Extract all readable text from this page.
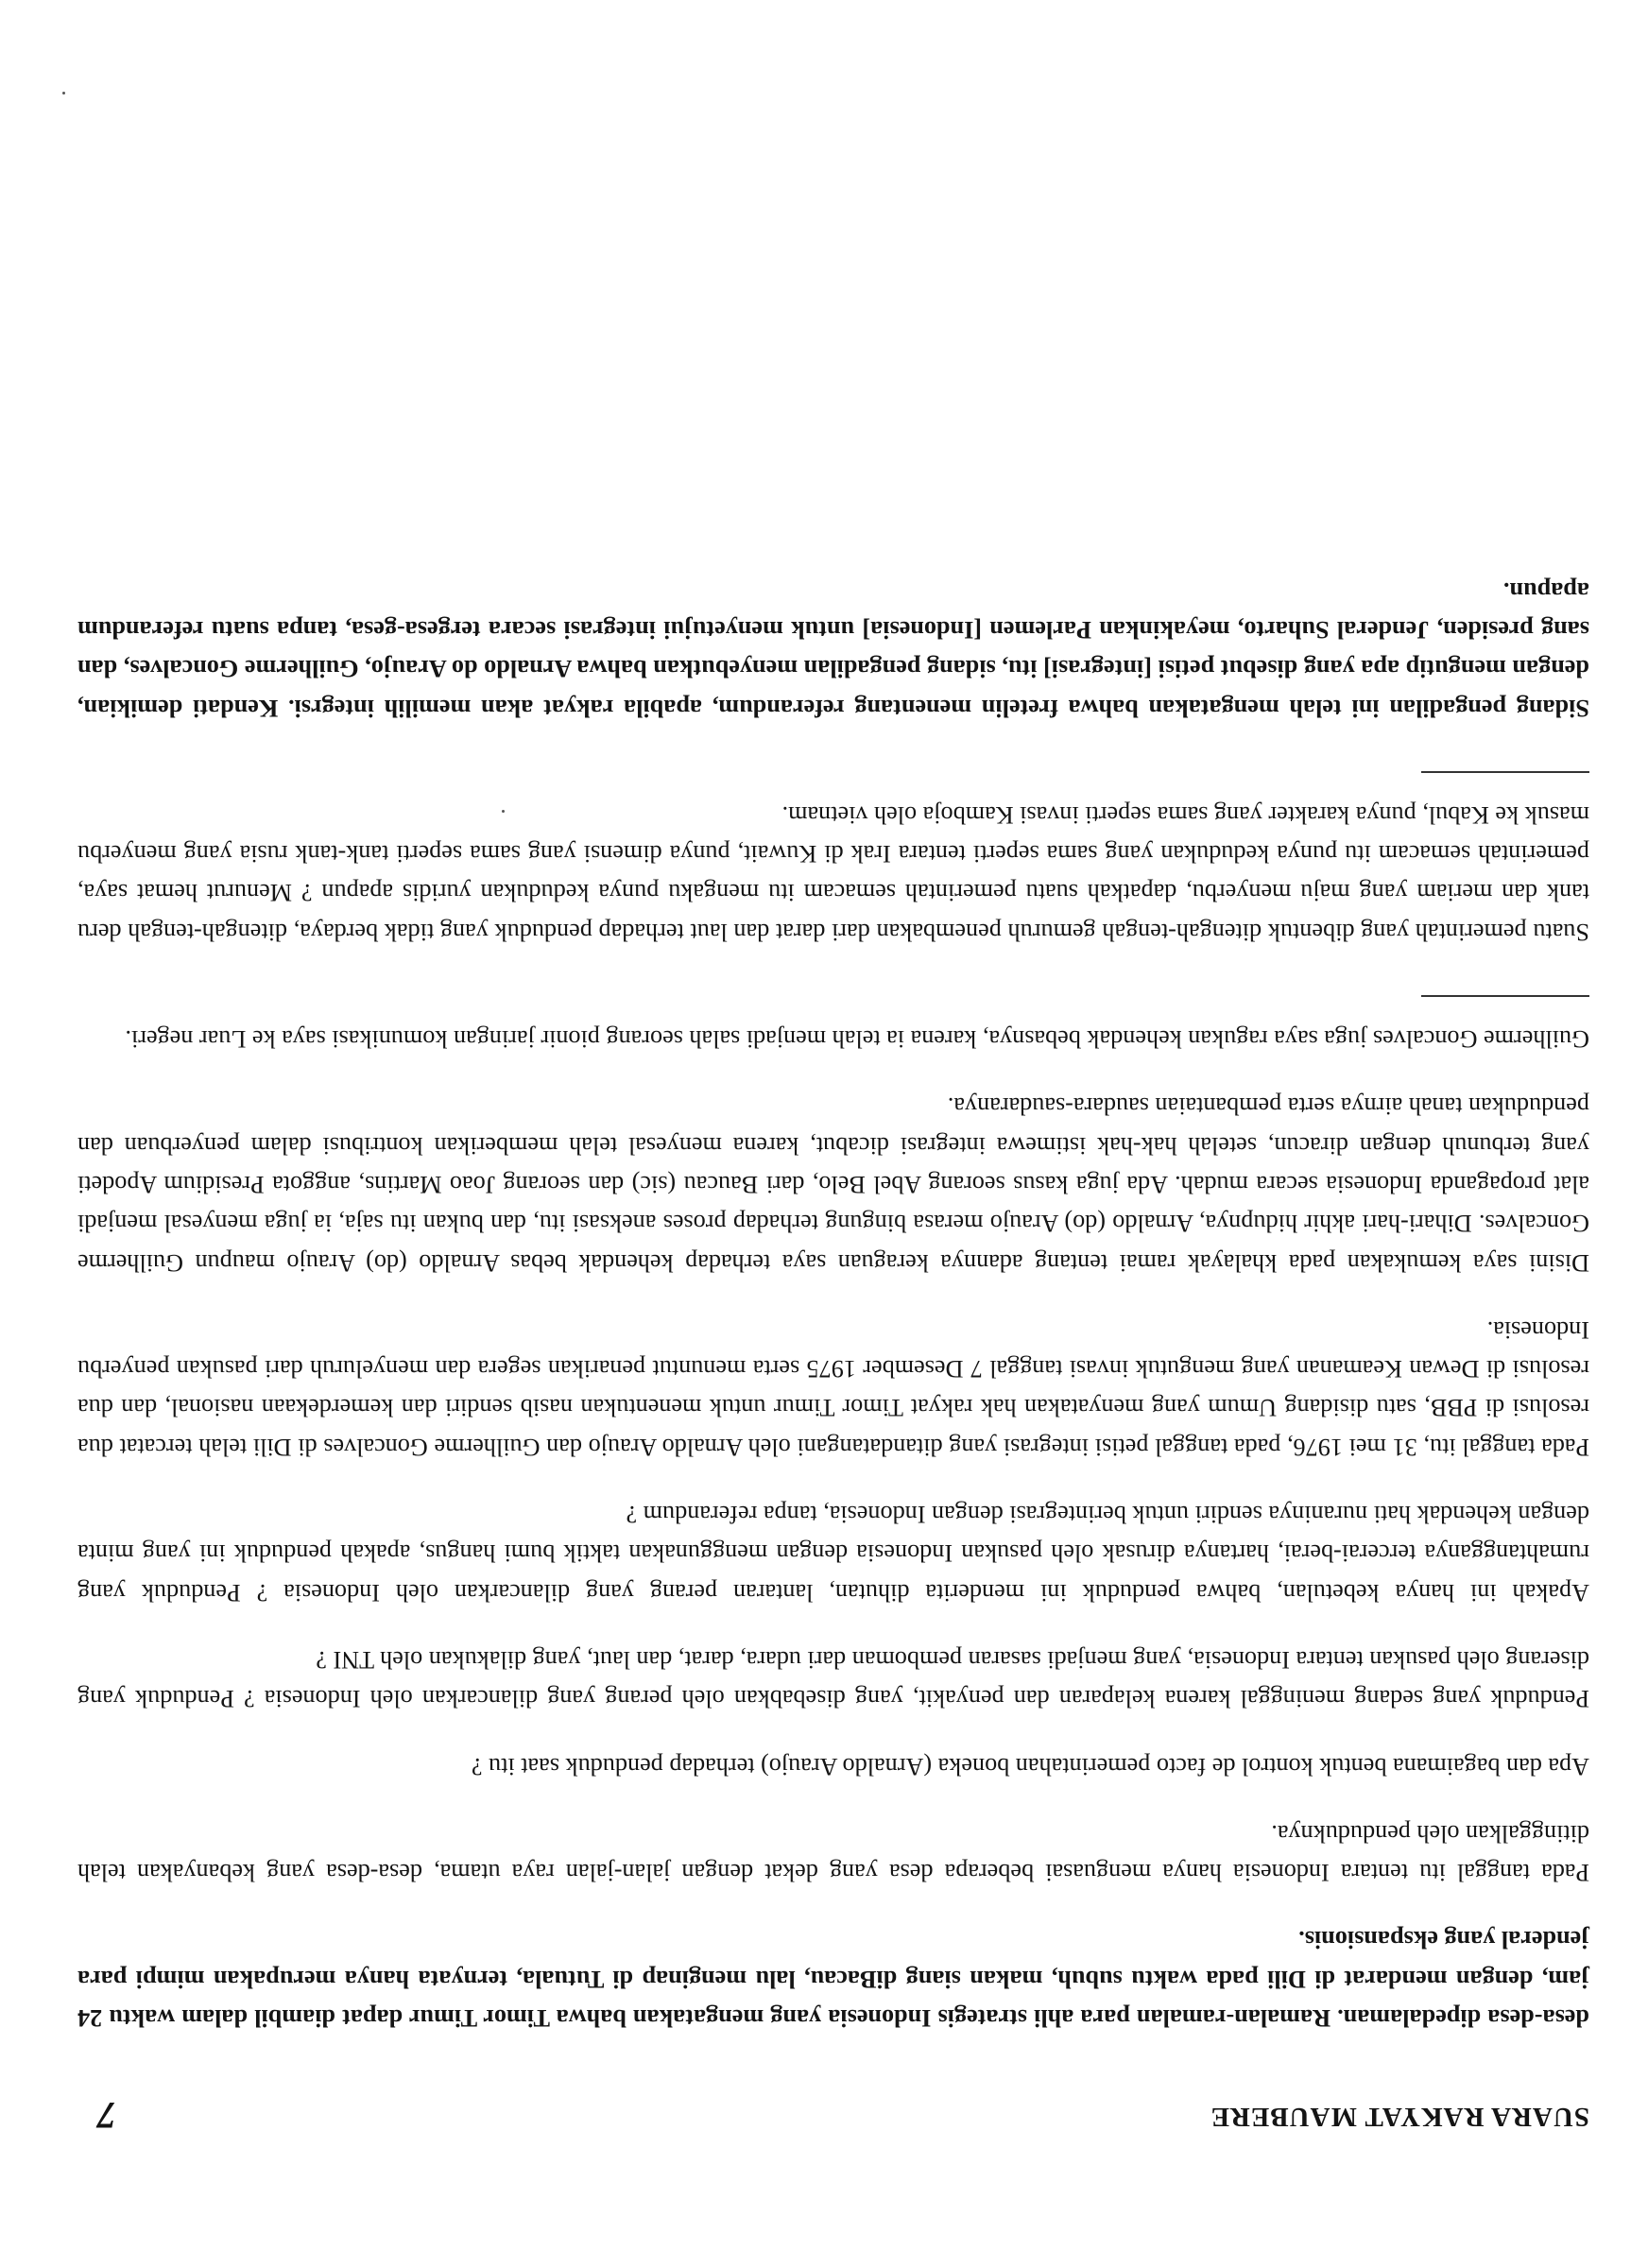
SUARA RAKYAT MAUBERE
7

desa-desa dipedalaman. Ramalan-ramalan para ahli strategis Indonesia yang mengatakan bahwa Timor Timur dapat diambil dalam waktu 24 jam, dengan mendarat di Dili pada waktu subuh, makan siang diBacau, lalu menginap di Tutuala, ternyata hanya merupakan mimpi para jenderal yang ekspansionis.

Pada tanggal itu tentara Indonesia hanya menguasai beberapa desa yang dekat dengan jalan-jalan raya utama, desa-desa yang kebanyakan telah ditinggalkan oleh penduduknya.

Apa dan bagaimana bentuk kontrol de facto pemerintahan boneka (Arnaldo Araujo) terhadap penduduk saat itu ?

Penduduk yang sedang meninggal karena kelaparan dan penyakit, yang disebabkan oleh perang yang dilancarkan oleh Indonesia ? Penduduk yang diserang oleh pasukan tentara Indonesia, yang menjadi sasaran pemboman dari udara, darat, dan laut, yang dilakukan oleh TNI ?

Apakah ini hanya kebetulan, bahwa penduduk ini menderita dihutan, lantaran perang yang dilancarkan oleh Indonesia ? Penduduk yang rumahtangganya tercerai-berai, hartanya dirusak oleh pasukan Indonesia dengan menggunakan taktik bumi hangus, apakah penduduk ini yang minta dengan kehendak hati nuraninya sendiri untuk berintegrasi dengan Indonesia, tanpa referandum ?

Pada tanggal itu, 31 mei 1976, pada tanggal petisi integrasi yang ditandatangani oleh Arnaldo Araujo dan Guilherme Goncalves di Dili telah tercatat dua resolusi di PBB, satu disidang Umum yang menyatakan hak rakyat Timor Timur untuk menentukan nasib sendiri dan kemerdekaan nasional, dan dua resolusi di Dewan Keamanan yang mengutuk invasi tanggal 7 Desember 1975 serta menuntut penarikan segera dan menyeluruh dari pasukan penyerbu Indonesia.

Disini saya kemukakan pada khalayak ramai tentang adannya keraguan saya terhadap kehendak bebas Arnaldo (do) Araujo maupun Guilherme Goncalves. Dihari-hari akhir hidupnya, Arnaldo (do) Araujo merasa bingung terhadap proses aneksasi itu, dan bukan itu saja, ia juga menyesal menjadi alat propaganda Indonesia secara mudah. Ada juga kasus seorang Abel Belo, dari Baucau (sic) dan seorang Joao Martins, anggota Presidium Apodeti yang terbunuh dengan diracun, setelah hak-hak istimewa integrasi dicabut, karena menyesal telah memberikan kontribusi dalam penyerbuan dan pendudukan tanah airnya serta pembantaian saudara-saudaranya.

Guilherme Goncalves juga saya ragukan kehendak bebasnya, karena ia telah menjadi salah seorang pionir jaringan komunikasi saya ke Luar negeri.

Suatu pemerintah yang dibentuk ditengah-tengah gemuruh penembakan dari darat dan laut terhadap penduduk yang tidak berdaya, ditengah-tengah deru tank dan meriam yang maju menyerbu, dapatkah suatu pemerintah semacam itu mengaku punya kedudukan yuridis apapun ? Menurut hemat saya, pemerintah semacam itu punya kedudukan yang sama seperti tentara Irak di Kuwait, punya dimensi yang sama seperti tank-tank rusia yang menyerbu masuk ke Kabul, punya karakter yang sama seperti invasi Kamboja oleh vietnam.

Sidang pengadilan ini telah mengatakan bahwa fretelin menentang referandum, apabila rakyat akan memilih integrsi. Kendati demikian, dengan mengutip apa yang disebut petisi [integrasi] itu, sidang pengadilan menyebutkan bahwa Arnaldo do Araujo, Guilherme Goncalves, dan sang presiden, Jenderal Suharto, meyakinkan Parlemen [Indonesia] untuk menyetujui integrasi secara tergesa-gesa, tanpa suatu referandum apapun.
